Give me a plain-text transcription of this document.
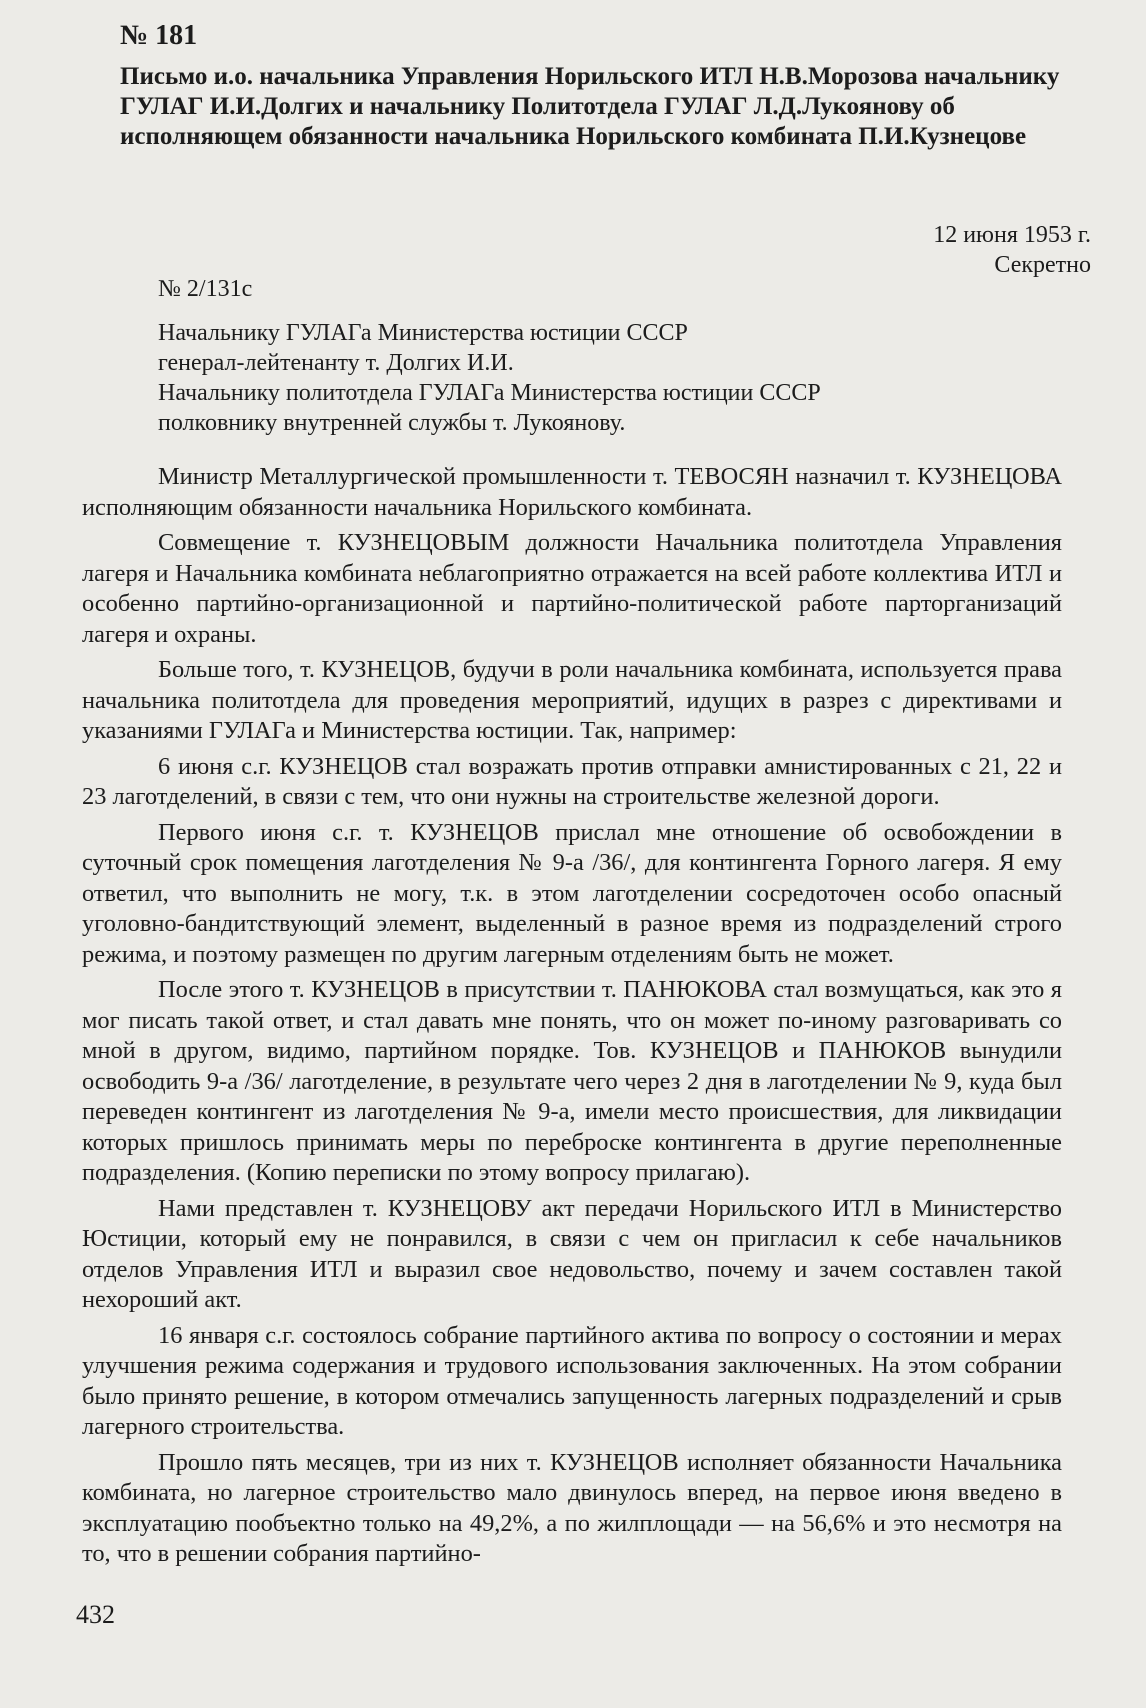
№ 181
Письмо и.о. начальника Управления Норильского ИТЛ Н.В.Морозова начальнику ГУЛАГ И.И.Долгих и начальнику Политотдела ГУЛАГ Л.Д.Лукоянову об исполняющем обязанности начальника Норильского комбината П.И.Кузнецове
12 июня 1953 г.
Секретно
№ 2/131с
Начальнику ГУЛАГа Министерства юстиции СССР
генерал-лейтенанту т. Долгих И.И.
Начальнику политотдела ГУЛАГа Министерства юстиции СССР
полковнику внутренней службы т. Лукоянову.

Министр Металлургической промышленности т. ТЕВОСЯН назначил т. КУЗНЕЦОВА исполняющим обязанности начальника Норильского комбината.

Совмещение т. КУЗНЕЦОВЫМ должности Начальника политотдела Управления лагеря и Начальника комбината неблагоприятно отражается на всей работе коллектива ИТЛ и особенно партийно-организационной и партийно-политической работе парторганизаций лагеря и охраны.

Больше того, т. КУЗНЕЦОВ, будучи в роли начальника комбината, используется права начальника политотдела для проведения мероприятий, идущих в разрез с директивами и указаниями ГУЛАГа и Министерства юстиции. Так, например:

6 июня с.г. КУЗНЕЦОВ стал возражать против отправки амнистированных с 21, 22 и 23 лаготделений, в связи с тем, что они нужны на строительстве железной дороги.

Первого июня с.г. т. КУЗНЕЦОВ прислал мне отношение об освобождении в суточный срок помещения лаготделения № 9-а /36/, для контингента Горного лагеря. Я ему ответил, что выполнить не могу, т.к. в этом лаготделении сосредоточен особо опасный уголовно-бандитствующий элемент, выделенный в разное время из подразделений строго режима, и поэтому размещен по другим лагерным отделениям быть не может.

После этого т. КУЗНЕЦОВ в присутствии т. ПАНЮКОВА стал возмущаться, как это я мог писать такой ответ, и стал давать мне понять, что он может по-иному разговаривать со мной в другом, видимо, партийном порядке. Тов. КУЗНЕЦОВ и ПАНЮКОВ вынудили освободить 9-а /36/ лаготделение, в результате чего через 2 дня в лаготделении № 9, куда был переведен контингент из лаготделения № 9-а, имели место происшествия, для ликвидации которых пришлось принимать меры по переброске контингента в другие переполненные подразделения. (Копию переписки по этому вопросу прилагаю).

Нами представлен т. КУЗНЕЦОВУ акт передачи Норильского ИТЛ в Министерство Юстиции, который ему не понравился, в связи с чем он пригласил к себе начальников отделов Управления ИТЛ и выразил свое недовольство, почему и зачем составлен такой нехороший акт.

16 января с.г. состоялось собрание партийного актива по вопросу о состоянии и мерах улучшения режима содержания и трудового использования заключенных. На этом собрании было принято решение, в котором отмечались запущенность лагерных подразделений и срыв лагерного строительства.

Прошло пять месяцев, три из них т. КУЗНЕЦОВ исполняет обязанности Начальника комбината, но лагерное строительство мало двинулось вперед, на первое июня введено в эксплуатацию пообъектно только на 49,2%, а по жилплощади — на 56,6% и это несмотря на то, что в решении собрания партийно-

432
